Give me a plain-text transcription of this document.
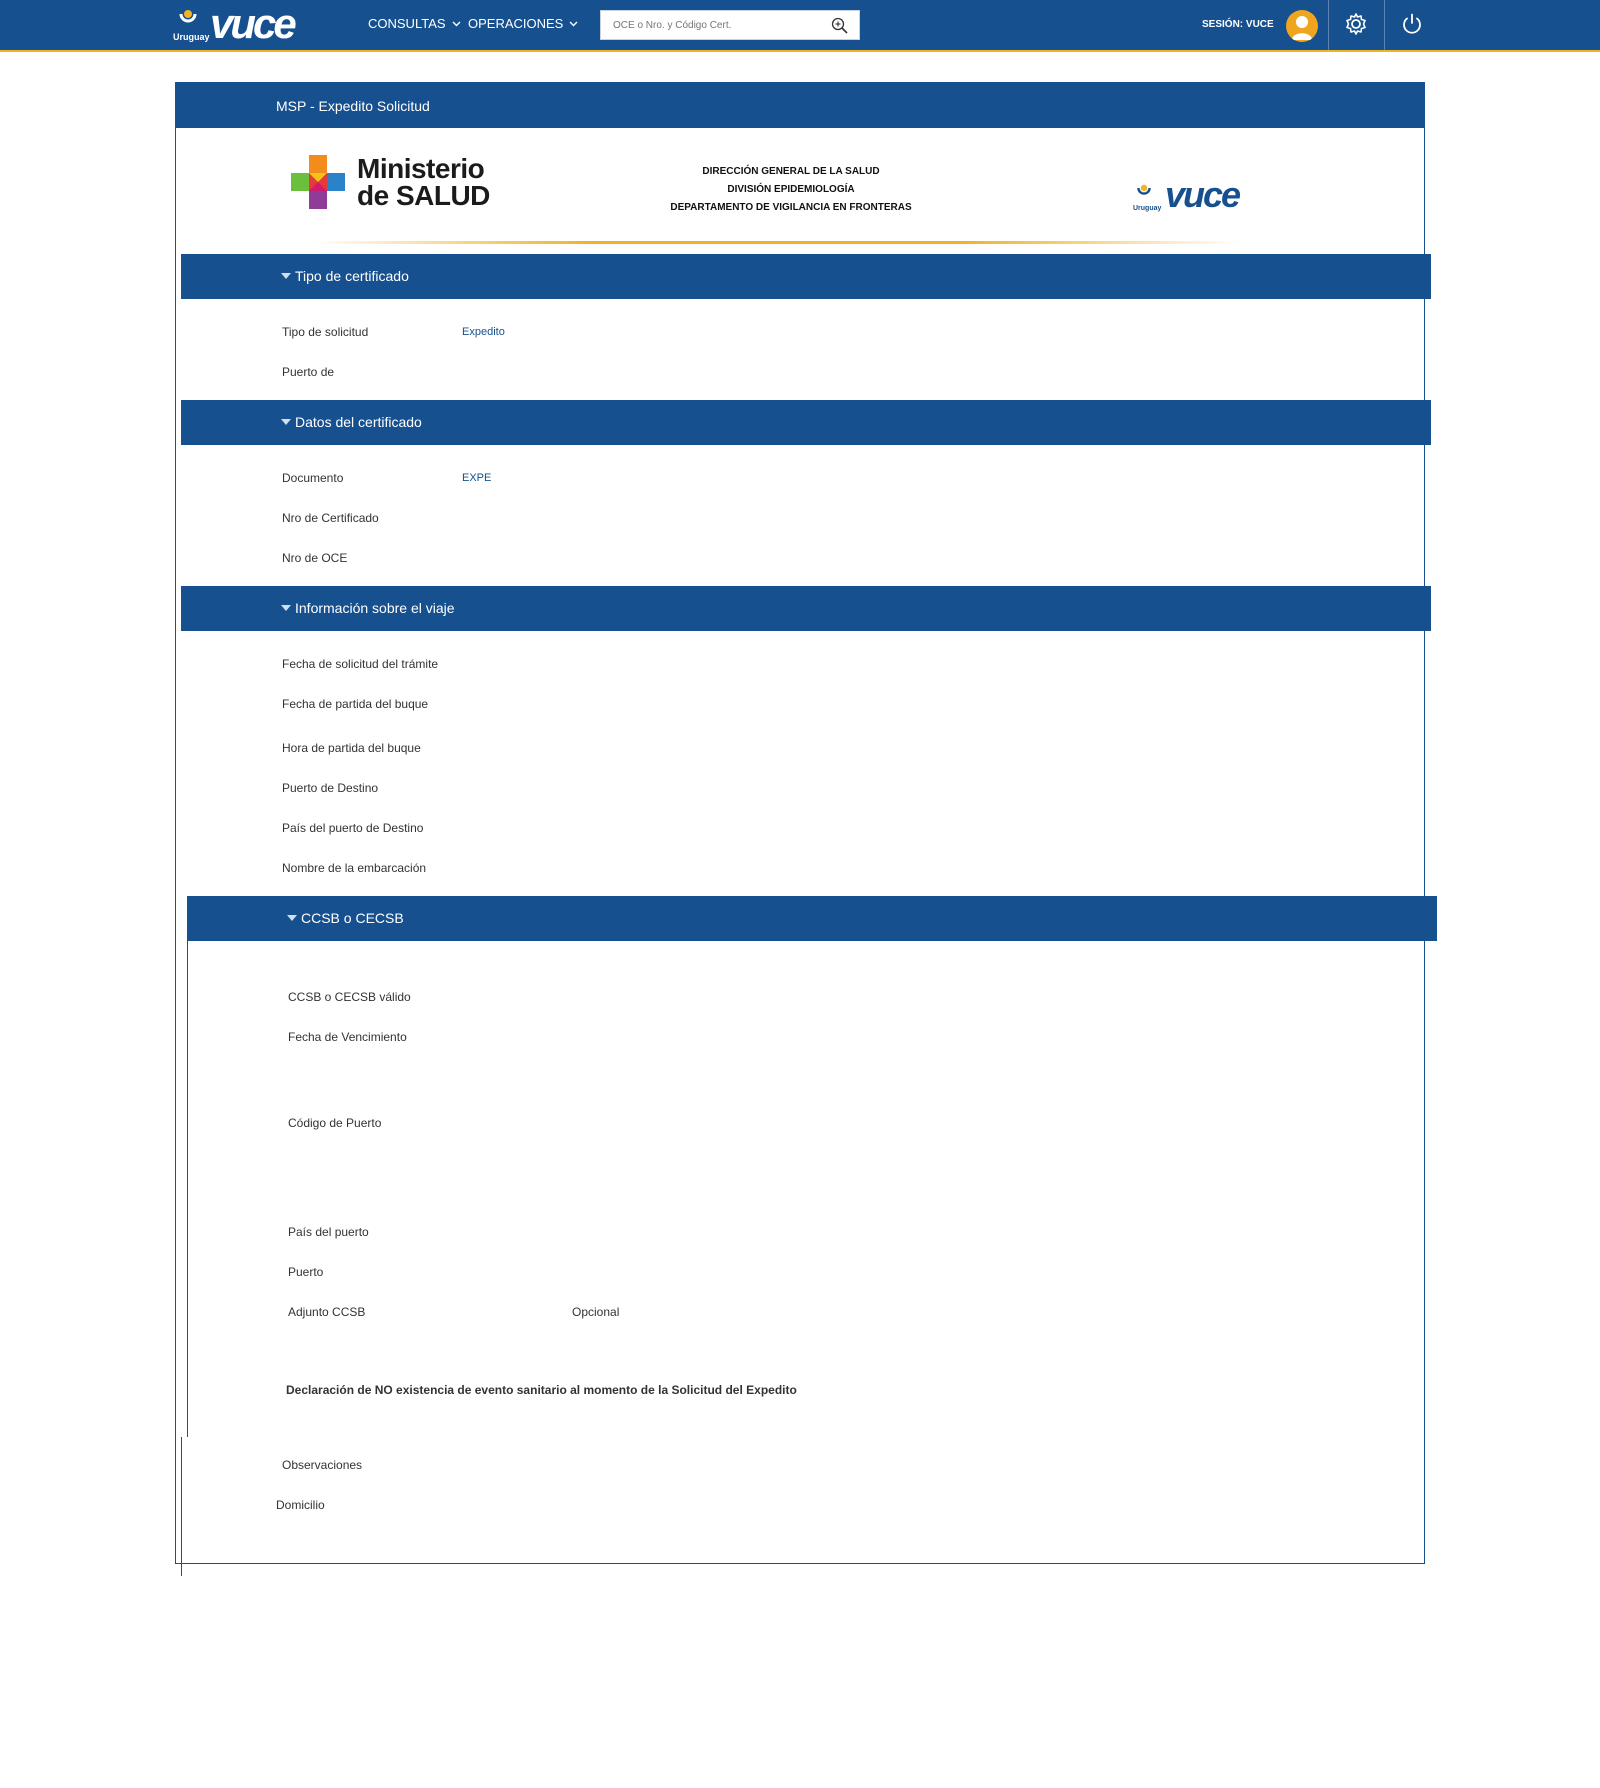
Uruguay vuce	CONSULTAS OPERACIONES
OCE o Nro. y Código Cert.	SESIÓN: VUCE
MSP - Expedito Solicitud
Ministerio
de SALUD
DIRECCIÓN GENERAL DE LA SALUD
DIVISIÓN EPIDEMIOLOGÍA
DEPARTAMENTO DE VIGILANCIA EN FRONTERAS	Uruguay vuce
Tipo de certificado
Tipo de solicitud	Expedito
Puerto de
Datos del certificado
Documento	EXPE
Nro de Certificado
Nro de OCE
Información sobre el viaje
Fecha de solicitud del trámite
Fecha de partida del buque
Hora de partida del buque
Puerto de Destino
País del puerto de Destino
Nombre de la embarcación
CCSB o CECSB
CCSB o CECSB válido
Fecha de Vencimiento
Código de Puerto
País del puerto
Puerto
Adjunto CCSB	Opcional
Declaración de NO existencia de evento sanitario al momento de la Solicitud del Expedito
Observaciones
Domicilio
